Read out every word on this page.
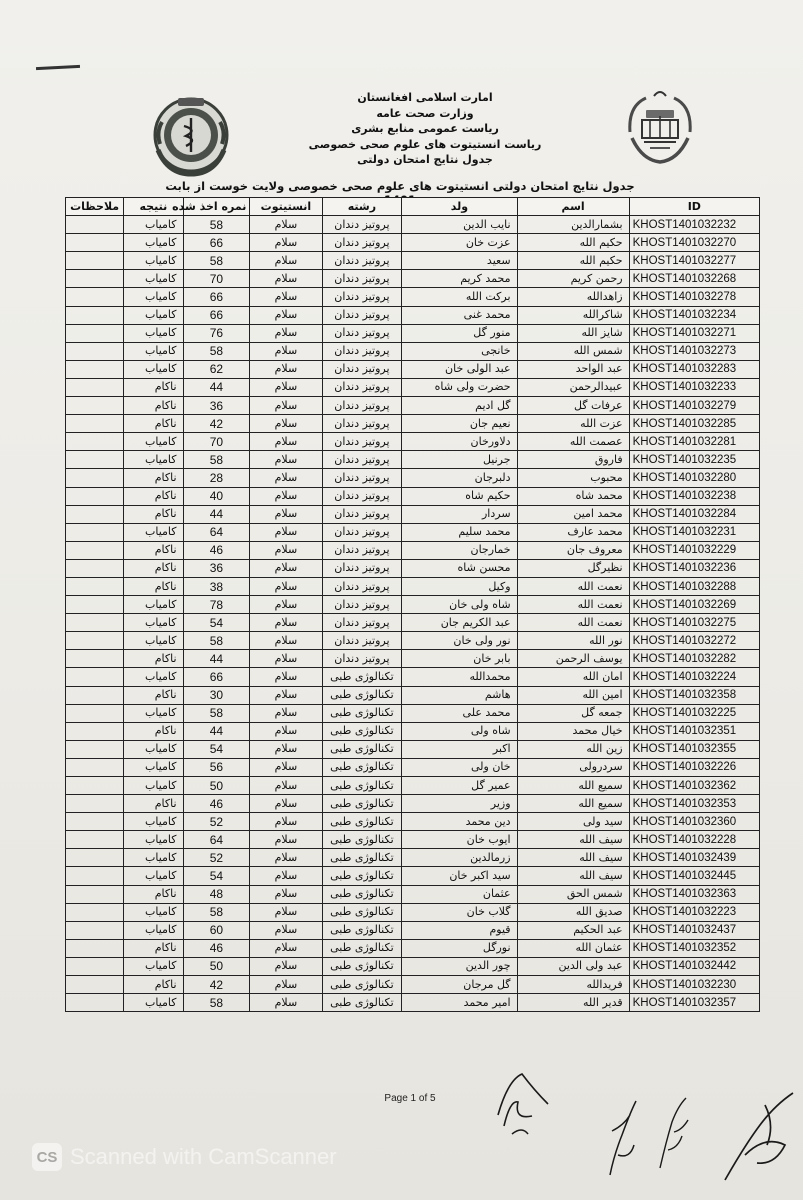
امارت اسلامی افغانستان
وزارت صحت عامه
ریاست عمومی منابع بشری
ریاست انستیتوت های علوم صحی خصوصی
جدول نتایج امتحان دولتی
جدول نتایج امتحان دولتی انستیتوت های علوم صحی خصوصی ولایت خوست از بابت
ID	اسم	ولد	رشته	انستیتوت	نمره اخذ شده	نتیجه	ملاحظات
KHOST1401032232	بشمارالدین	نایب الدین	پروتیز دندان	سلام	58	کامیاب	
KHOST1401032270	حکیم الله	عزت خان	پروتیز دندان	سلام	66	کامیاب	
KHOST1401032277	حکیم الله	سعید	پروتیز دندان	سلام	58	کامیاب	
KHOST1401032268	رحمن کریم	محمد کریم	پروتیز دندان	سلام	70	کامیاب	
KHOST1401032278	زاهدالله	برکت الله	پروتیز دندان	سلام	66	کامیاب	
KHOST1401032234	شاکرالله	محمد غنی	پروتیز دندان	سلام	66	کامیاب	
KHOST1401032271	شایز الله	منور گل	پروتیز دندان	سلام	76	کامیاب	
KHOST1401032273	شمس الله	خانجی	پروتیز دندان	سلام	58	کامیاب	
KHOST1401032283	عبد الواحد	عبد الولی خان	پروتیز دندان	سلام	62	کامیاب	
KHOST1401032233	عبیدالرحمن	حضرت ولی شاه	پروتیز دندان	سلام	44	ناکام	
KHOST1401032279	عرفات گل	گل ادیم	پروتیز دندان	سلام	36	ناکام	
KHOST1401032285	عزت الله	نعیم جان	پروتیز دندان	سلام	42	ناکام	
KHOST1401032281	عصمت الله	دلاورخان	پروتیز دندان	سلام	70	کامیاب	
KHOST1401032235	فاروق	جرنیل	پروتیز دندان	سلام	58	کامیاب	
KHOST1401032280	محبوب	دلبرجان	پروتیز دندان	سلام	28	ناکام	
KHOST1401032238	محمد شاه	حکیم شاه	پروتیز دندان	سلام	40	ناکام	
KHOST1401032284	محمد امین	سردار	پروتیز دندان	سلام	44	ناکام	
KHOST1401032231	محمد عارف	محمد سلیم	پروتیز دندان	سلام	64	کامیاب	
KHOST1401032229	معروف جان	خمارجان	پروتیز دندان	سلام	46	ناکام	
KHOST1401032236	نظیرگل	محسن شاه	پروتیز دندان	سلام	36	ناکام	
KHOST1401032288	نعمت الله	وکیل	پروتیز دندان	سلام	38	ناکام	
KHOST1401032269	نعمت الله	شاه ولی خان	پروتیز دندان	سلام	78	کامیاب	
KHOST1401032275	نعمت الله	عبد الکریم جان	پروتیز دندان	سلام	54	کامیاب	
KHOST1401032272	نور الله	نور ولی خان	پروتیز دندان	سلام	58	کامیاب	
KHOST1401032282	یوسف الرحمن	بابر خان	پروتیز دندان	سلام	44	ناکام	
KHOST1401032224	امان الله	محمدالله	تکنالوژی طبی	سلام	66	کامیاب	
KHOST1401032358	امین الله	هاشم	تکنالوژی طبی	سلام	30	ناکام	
KHOST1401032225	جمعه گل	محمد علی	تکنالوژی طبی	سلام	58	کامیاب	
KHOST1401032351	خیال محمد	شاه ولی	تکنالوژی طبی	سلام	44	ناکام	
KHOST1401032355	زین الله	اکبر	تکنالوژی طبی	سلام	54	کامیاب	
KHOST1401032226	سردرولی	خان ولی	تکنالوژی طبی	سلام	56	کامیاب	
KHOST1401032362	سمیع الله	عمیر گل	تکنالوژی طبی	سلام	50	کامیاب	
KHOST1401032353	سمیع الله	وزیر	تکنالوژی طبی	سلام	46	ناکام	
KHOST1401032360	سید ولی	دین محمد	تکنالوژی طبی	سلام	52	کامیاب	
KHOST1401032228	سیف الله	ایوب خان	تکنالوژی طبی	سلام	64	کامیاب	
KHOST1401032439	سیف الله	زرمالدین	تکنالوژی طبی	سلام	52	کامیاب	
KHOST1401032445	سیف الله	سید اکبر خان	تکنالوژی طبی	سلام	54	کامیاب	
KHOST1401032363	شمس الحق	عثمان	تکنالوژی طبی	سلام	48	ناکام	
KHOST1401032223	صدیق الله	گلاب خان	تکنالوژی طبی	سلام	58	کامیاب	
KHOST1401032437	عبد الحکیم	قیوم	تکنالوژی طبی	سلام	60	کامیاب	
KHOST1401032352	عثمان الله	نورگل	تکنالوژی طبی	سلام	46	ناکام	
KHOST1401032442	عبد ولی الدین	چور الدین	تکنالوژی طبی	سلام	50	کامیاب	
KHOST1401032230	فریدالله	گل مرجان	تکنالوژی طبی	سلام	42	ناکام	
KHOST1401032357	قدیر الله	امیر محمد	تکنالوژی طبی	سلام	58	کامیاب	
Page 1 of 5
CS Scanned with CamScanner
